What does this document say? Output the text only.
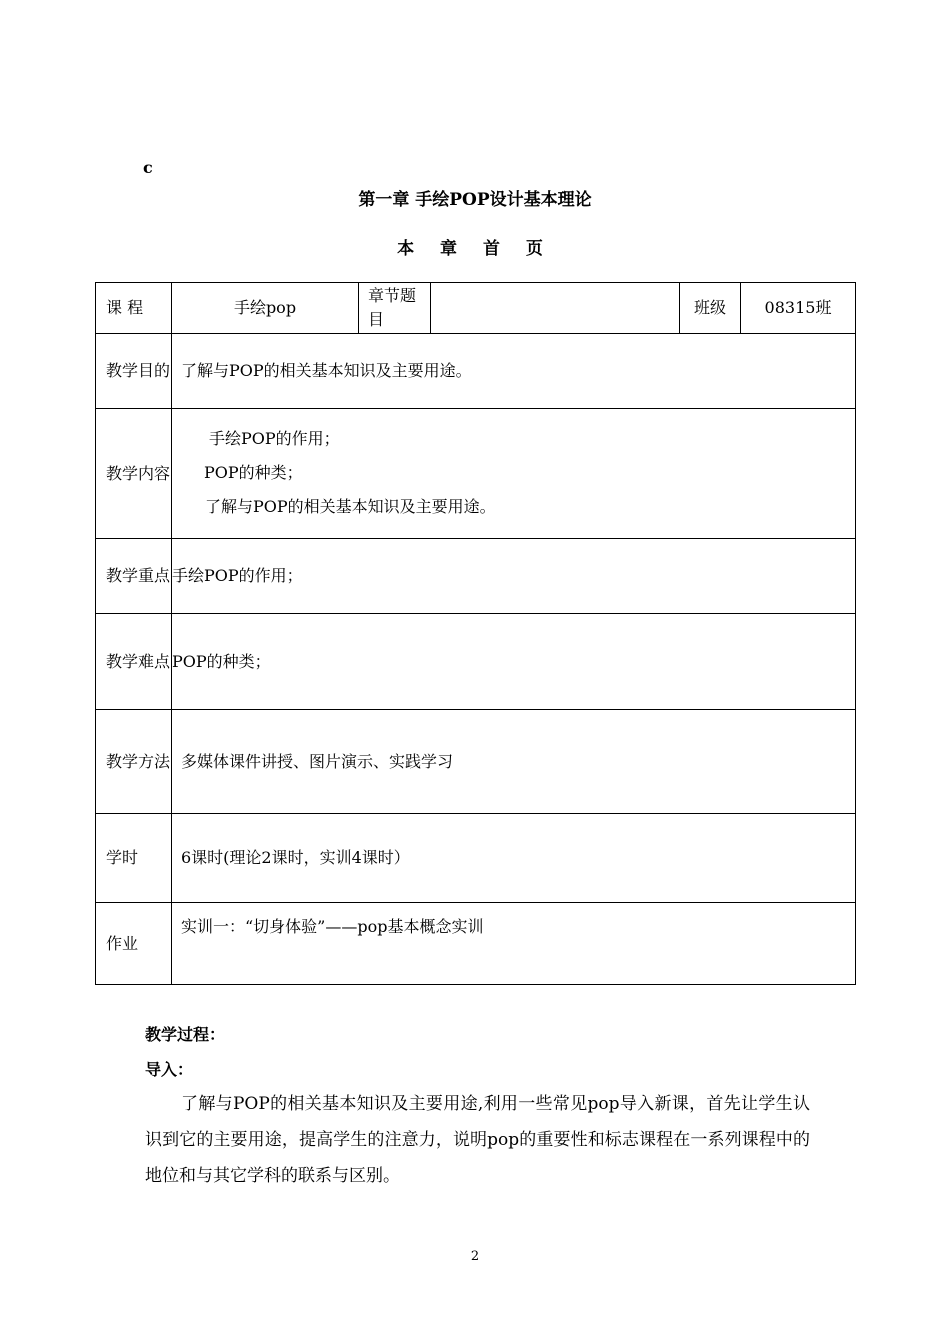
c
第一章 手绘POP设计基本理论
本 章 首 页
课 程	手绘pop	章节题目		班级	08315班
教学目的	了解与POP的相关基本知识及主要用途。				
教学内容	手绘POP的作用；
POP的种类；
了解与POP的相关基本知识及主要用途。				

教学重点	手绘POP的作用；				
教学难点	POP的种类；				
教学方法	多媒体课件讲授、图片演示、实践学习				
学时	6课时(理论2课时，实训4课时）				
作业	实训一：“切身体验”——pop基本概念实训				
教学过程：
导入：
了解与POP的相关基本知识及主要用途,利用一些常见pop导入新课，首先让学生认识到它的主要用途，提高学生的注意力，说明pop的重要性和标志课程在一系列课程中的地位和与其它学科的联系与区别。
2
